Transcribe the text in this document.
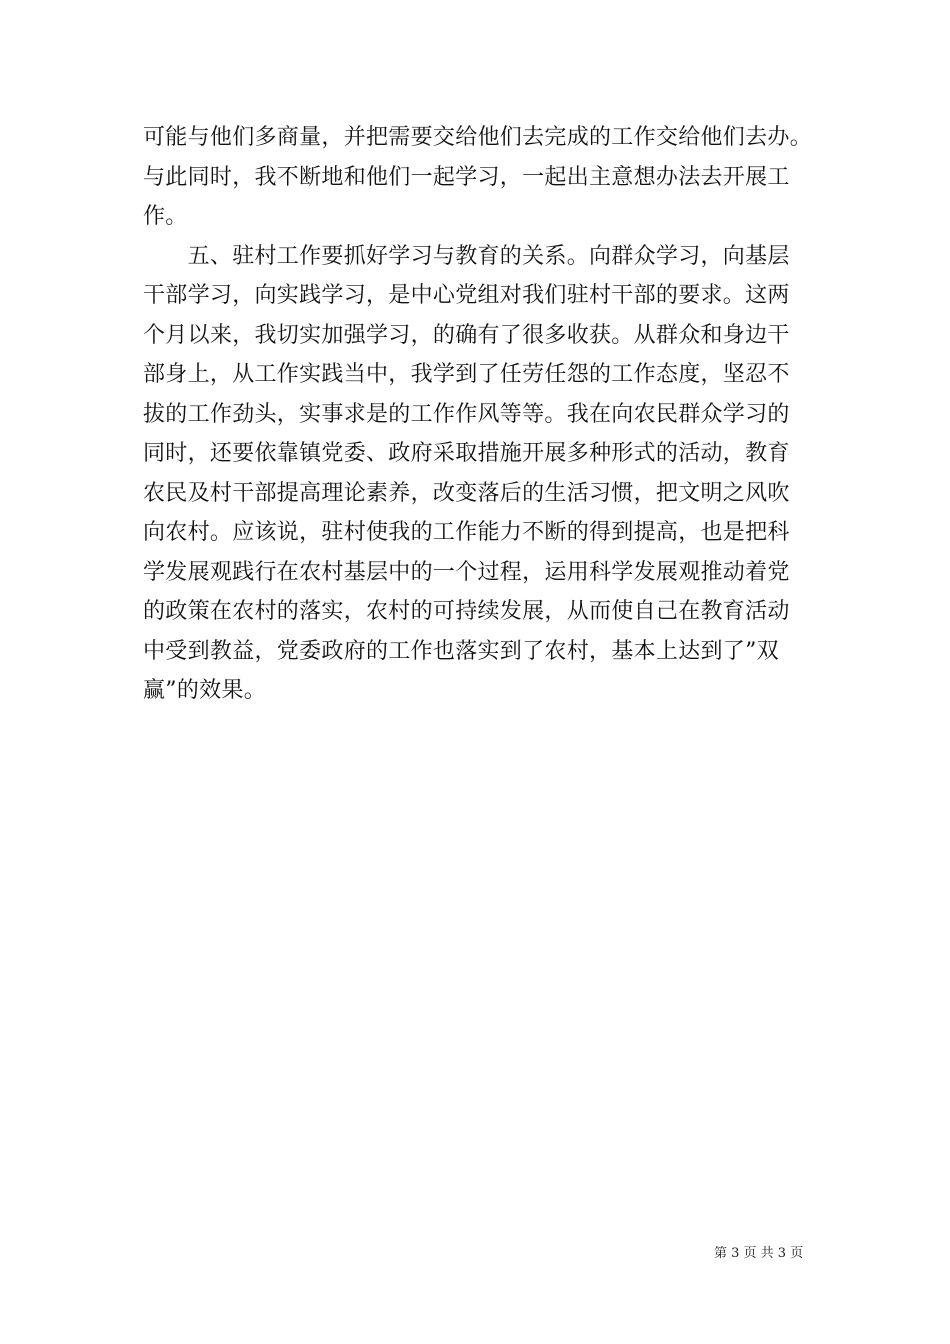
可能与他们多商量，并把需要交给他们去完成的工作交给他们去办。
与此同时，我不断地和他们一起学习，一起出主意想办法去开展工
作。
　　五、驻村工作要抓好学习与教育的关系。向群众学习，向基层
干部学习，向实践学习，是中心党组对我们驻村干部的要求。这两
个月以来，我切实加强学习，的确有了很多收获。从群众和身边干
部身上，从工作实践当中，我学到了任劳任怨的工作态度，坚忍不
拔的工作劲头，实事求是的工作作风等等。我在向农民群众学习的
同时，还要依靠镇党委、政府采取措施开展多种形式的活动，教育
农民及村干部提高理论素养，改变落后的生活习惯，把文明之风吹
向农村。应该说，驻村使我的工作能力不断的得到提高，也是把科
学发展观践行在农村基层中的一个过程，运用科学发展观推动着党
的政策在农村的落实，农村的可持续发展，从而使自己在教育活动
中受到教益，党委政府的工作也落实到了农村，基本上达到了”双
赢”的效果。
第 3 页 共 3 页
